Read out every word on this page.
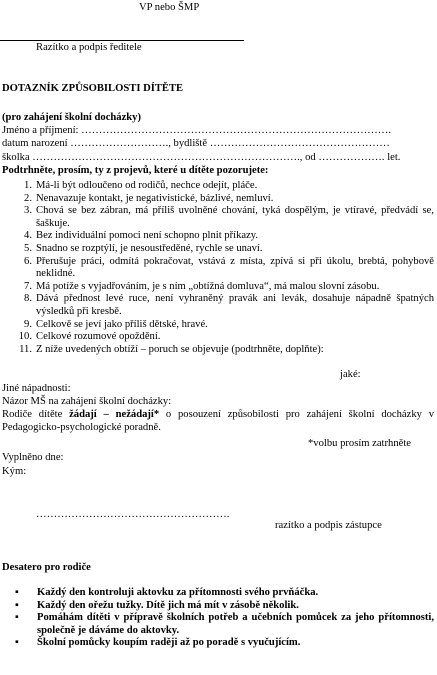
VP nebo ŠMP
Razítko a podpis ředitele
DOTAZNÍK ZPŮSOBILOSTI DÍTĚTE
(pro zahájení školní docházky)
Jméno a příjmení: …………………………………………………………………………….
datum narození ………………………., bydliště ……………………………………………
školka …………………………………………………………………., od ………………. let.
Podtrhněte, prosím, ty z projevů, které u dítěte pozorujete:
1. Má-li být odloučeno od rodičů, nechce odejít, pláče.
2. Nenavazuje kontakt, je negativistické, bázlivé, nemluví.
3. Chová se bez zábran, má příliš uvolněné chování, tyká dospělým, je vtíravé, předvádí se, šaškuje.
4. Bez individuální pomoci není schopno plnit příkazy.
5. Snadno se rozptýlí, je nesoustředěné, rychle se unaví.
6. Přerušuje práci, odmítá pokračovat, vstává z místa, zpívá si při úkolu, brebtá, pohybově neklidné.
7. Má potíže s vyjadřováním, je s ním „obtížná domluva“, má malou slovní zásobu.
8. Dává přednost levé ruce, není vyhraněný pravák ani levák, dosahuje nápadně špatných výsledků při kresbě.
9. Celkově se jeví jako příliš dětské, hravé.
10. Celkové rozumové opoždění.
11. Z níže uvedených obtíží – poruch se objevuje (podtrhněte, doplňte):
jaké:
Jiné nápadnosti:
Názor MŠ na zahájení školní docházky:
Rodiče dítěte žádají – nežádají* o posouzení způsobilosti pro zahájení školní docházky v Pedagogicko-psychologické poradně.
*volbu prosím zatrhněte
Vyplněno dne:
Kým:
……………………………………………….
razítko a podpis zástupce
Desatero pro rodiče
▪ Každý den kontroluji aktovku za přítomnosti svého prvňáčka.
▪ Každý den ořežu tužky. Dítě jich má mít v zásobě několik.
▪ Pomáhám dítěti v přípravě školních potřeb a učebních pomůcek za jeho přítomnosti, společně je dáváme do aktovky.
▪ Školní pomůcky koupím raději až po poradě s vyučujícím.
